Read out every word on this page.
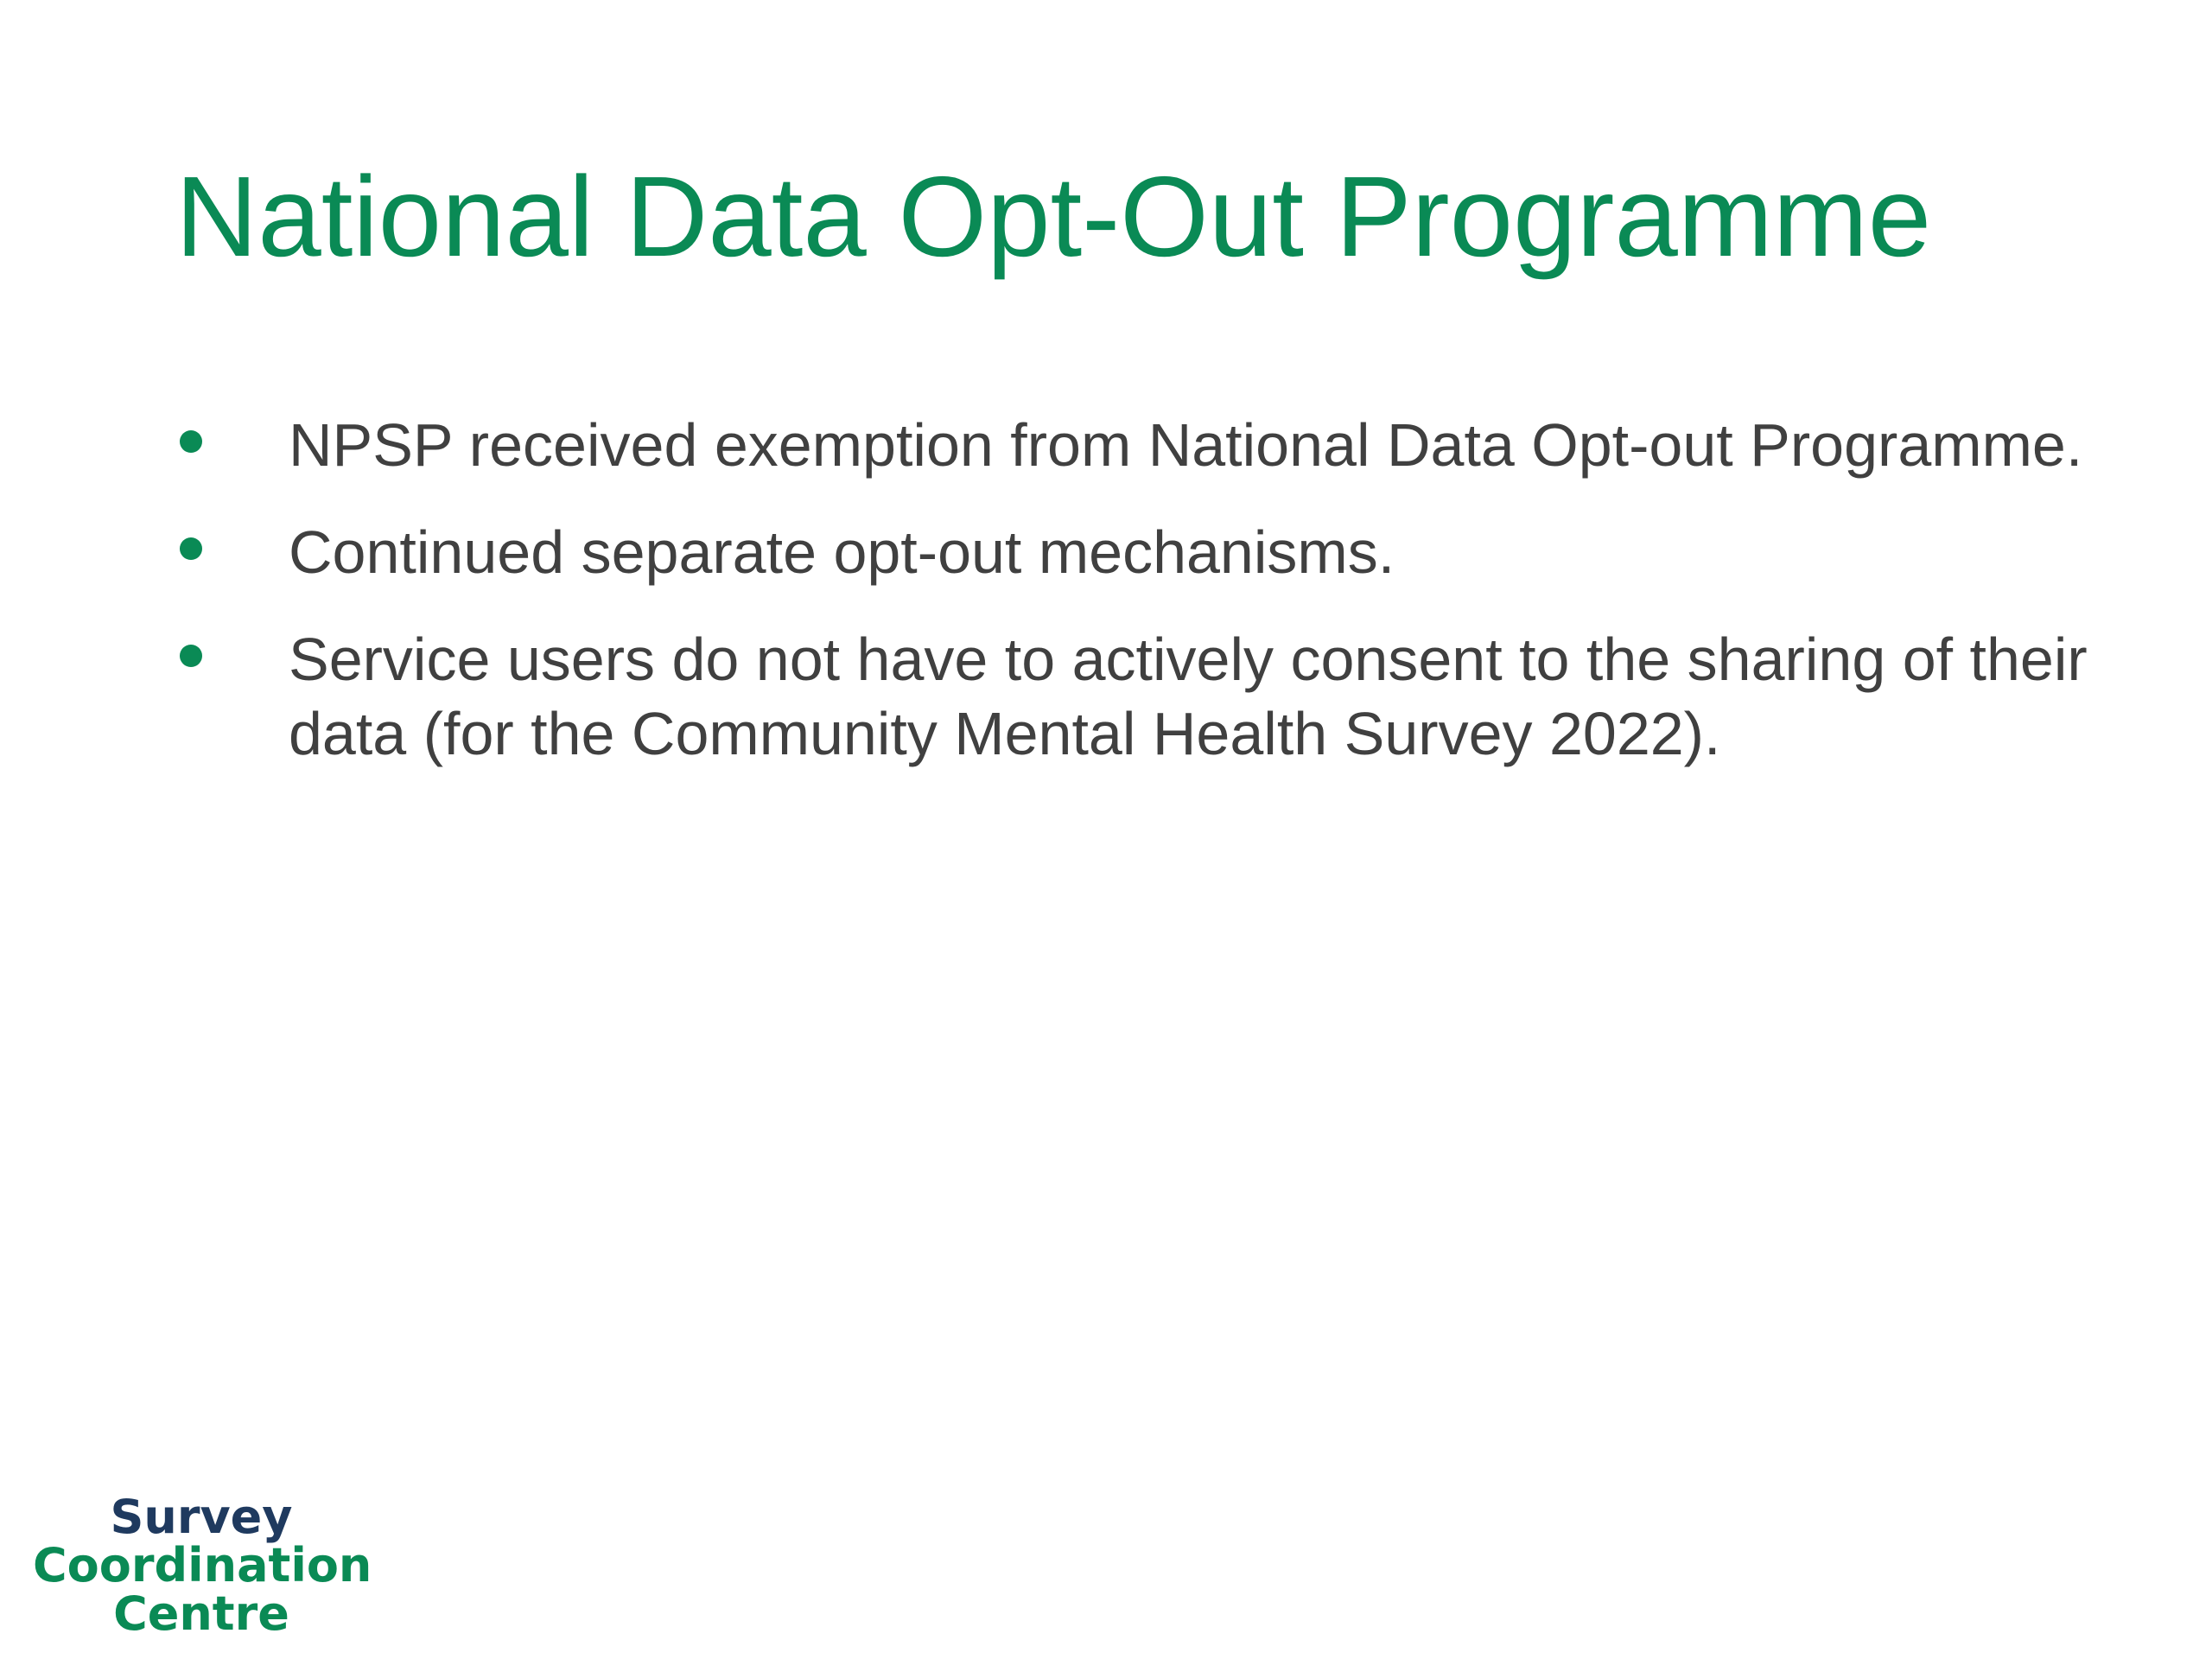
National Data Opt-Out Programme
NPSP received exemption from National Data Opt-out Programme.
Continued separate opt-out mechanisms.
Service users do not have to actively consent to the sharing of their data (for the Community Mental Health Survey 2022).
Survey
Coordination
Centre
